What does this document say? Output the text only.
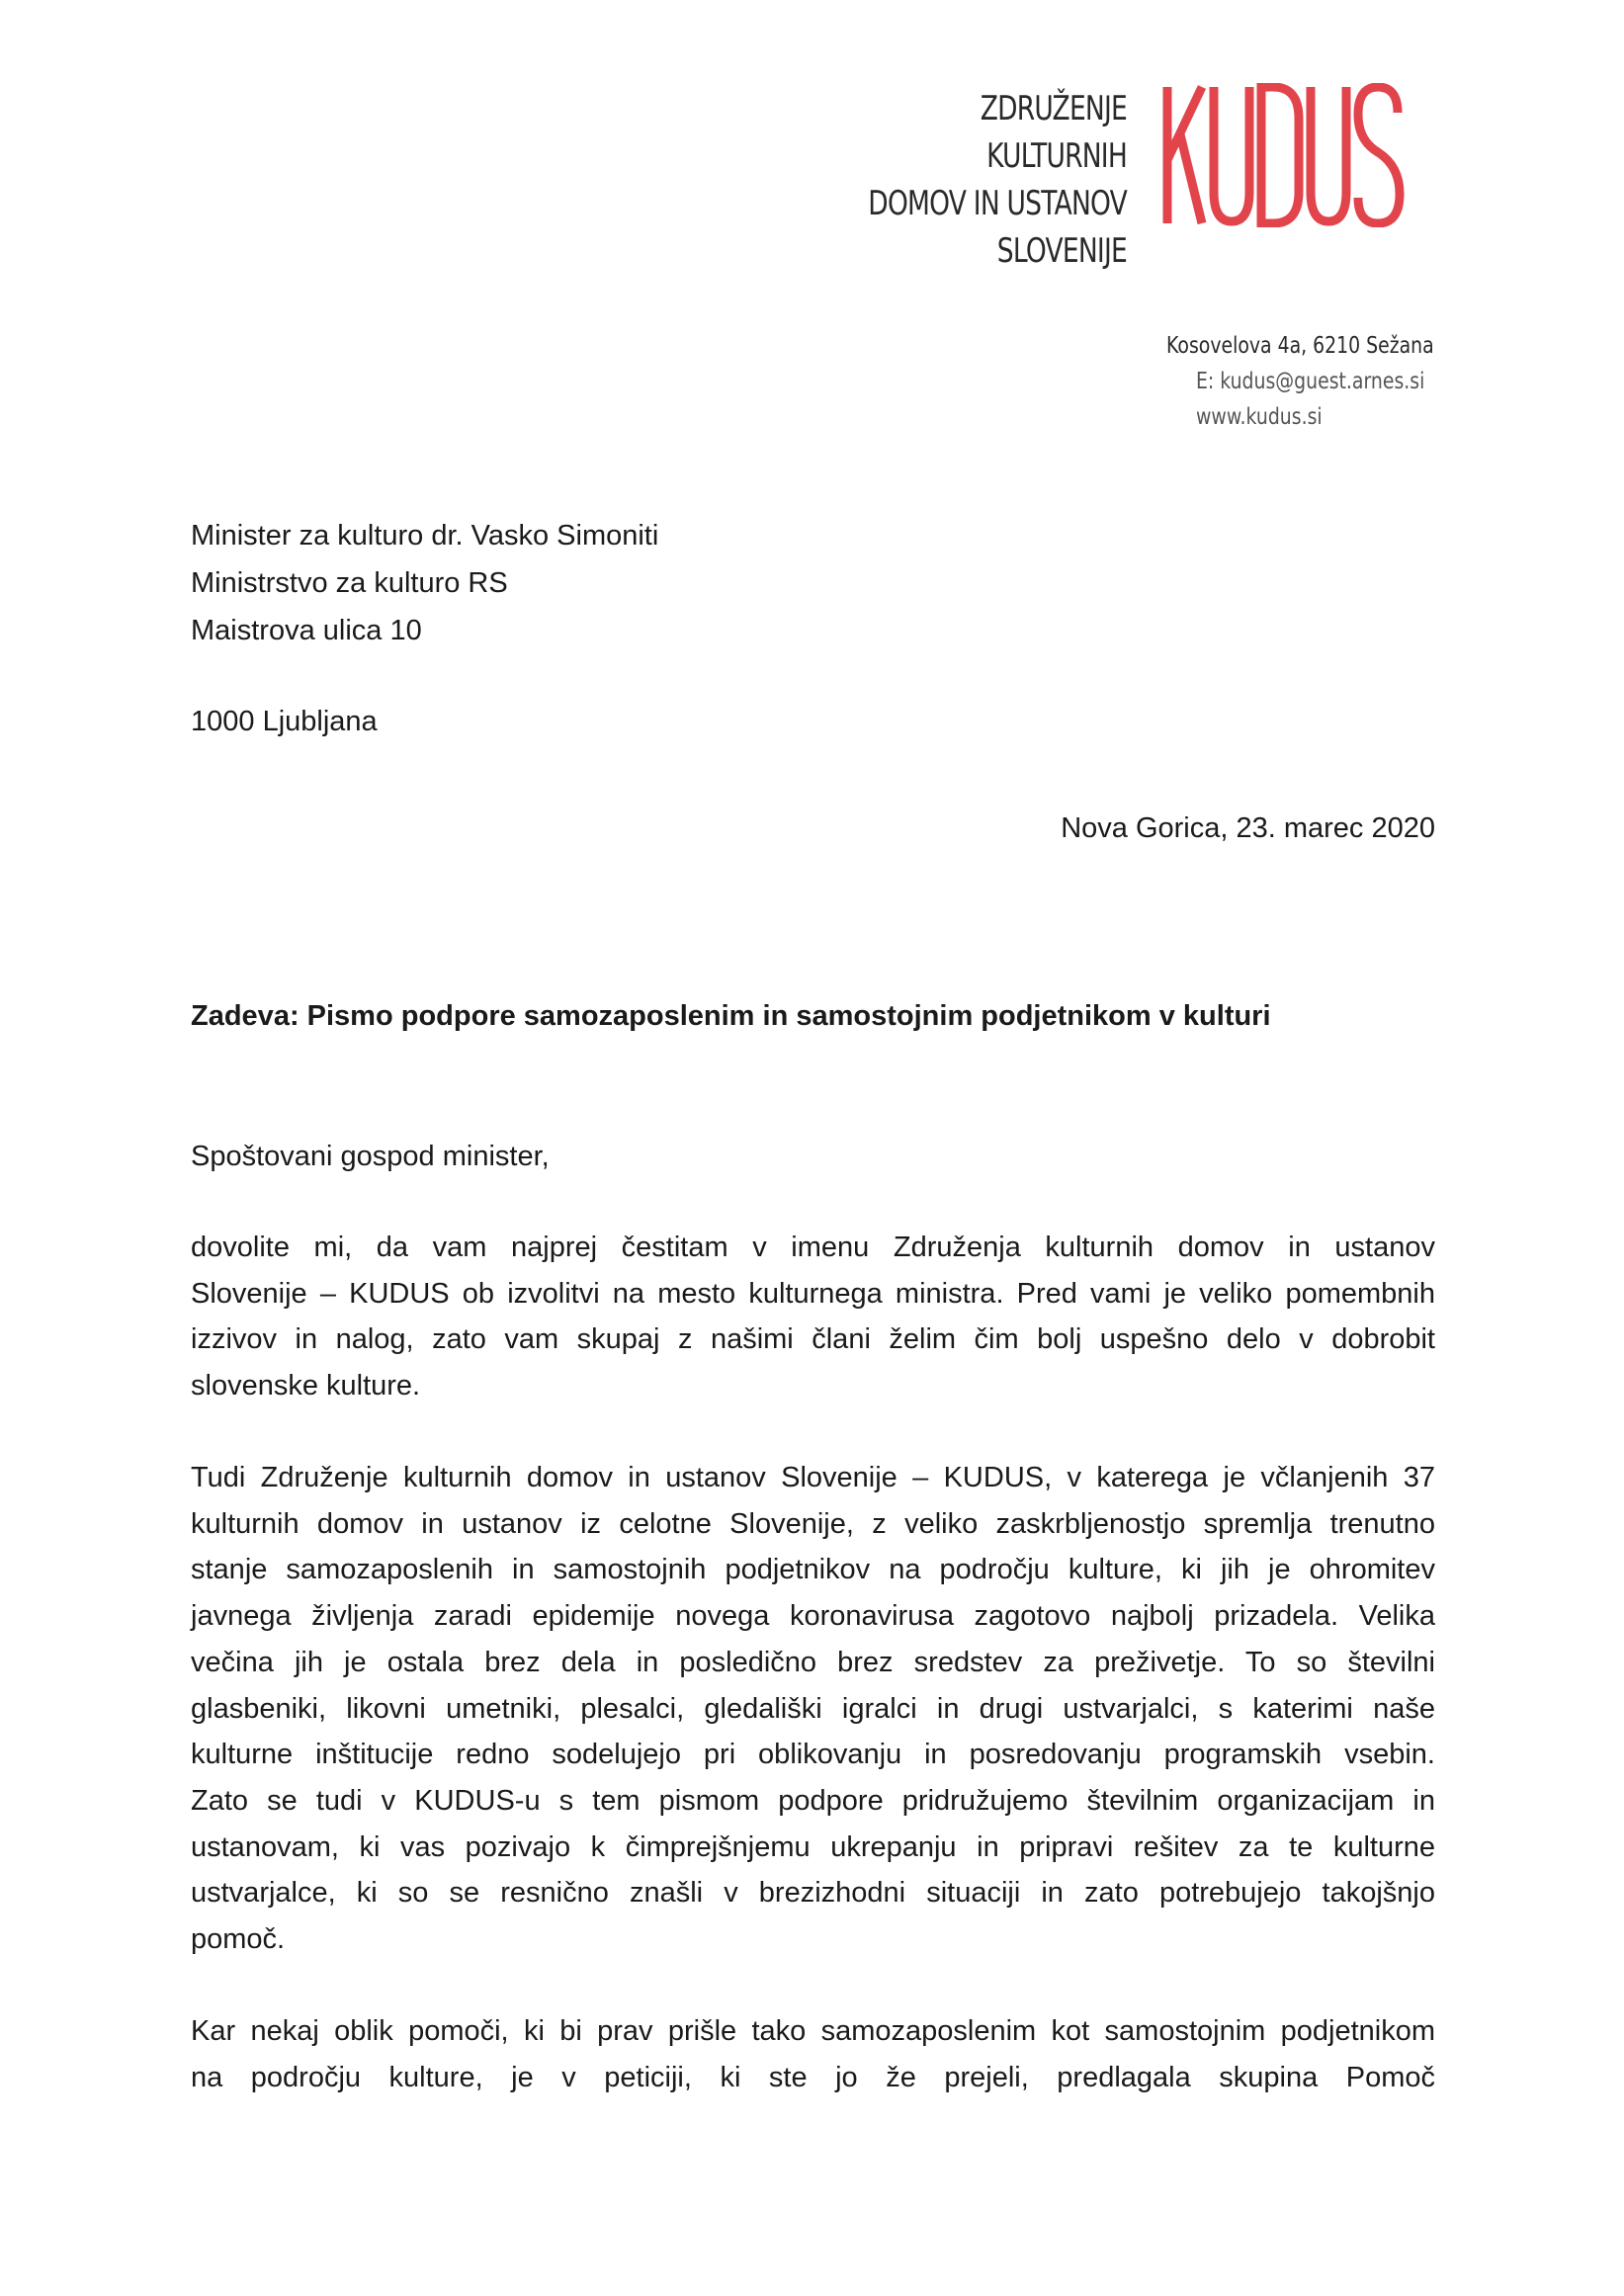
ZDRUŽENJE KULTURNIH
DOMOV IN USTANOV
SLOVENIJE
Kosovelova 4a, 6210 Sežana
E: kudus@guest.arnes.si
www.kudus.si
Minister za kulturo dr. Vasko Simoniti
Ministrstvo za kulturo RS
Maistrova ulica 10
1000 Ljubljana
Nova Gorica, 23. marec 2020
Zadeva: Pismo podpore samozaposlenim in samostojnim podjetnikom v kulturi
Spoštovani gospod minister,

dovolite mi, da vam najprej čestitam v imenu Združenja kulturnih domov in ustanov
Slovenije – KUDUS ob izvolitvi na mesto kulturnega ministra. Pred vami je veliko pomembnih
izzivov in nalog, zato vam skupaj z našimi člani želim čim bolj uspešno delo v dobrobit
slovenske kulture.

Tudi Združenje kulturnih domov in ustanov Slovenije – KUDUS, v katerega je včlanjenih 37
kulturnih domov in ustanov iz celotne Slovenije, z veliko zaskrbljenostjo spremlja trenutno
stanje samozaposlenih in samostojnih podjetnikov na področju kulture, ki jih je ohromitev
javnega življenja zaradi epidemije novega koronavirusa zagotovo najbolj prizadela. Velika
večina jih je ostala brez dela in posledično brez sredstev za preživetje. To so številni
glasbeniki, likovni umetniki, plesalci, gledališki igralci in drugi ustvarjalci, s katerimi naše
kulturne inštitucije redno sodelujejo pri oblikovanju in posredovanju programskih vsebin.
Zato se tudi v KUDUS-u s tem pismom podpore pridružujemo številnim organizacijam in
ustanovam, ki vas pozivajo k čimprejšnjemu ukrepanju in pripravi rešitev za te kulturne
ustvarjalce, ki so se resnično znašli v brezizhodni situaciji in zato potrebujejo takojšnjo
pomoč.

Kar nekaj oblik pomoči, ki bi prav prišle tako samozaposlenim kot samostojnim podjetnikom
na področju kulture, je v peticiji, ki ste jo že prejeli, predlagala skupina Pomoč
